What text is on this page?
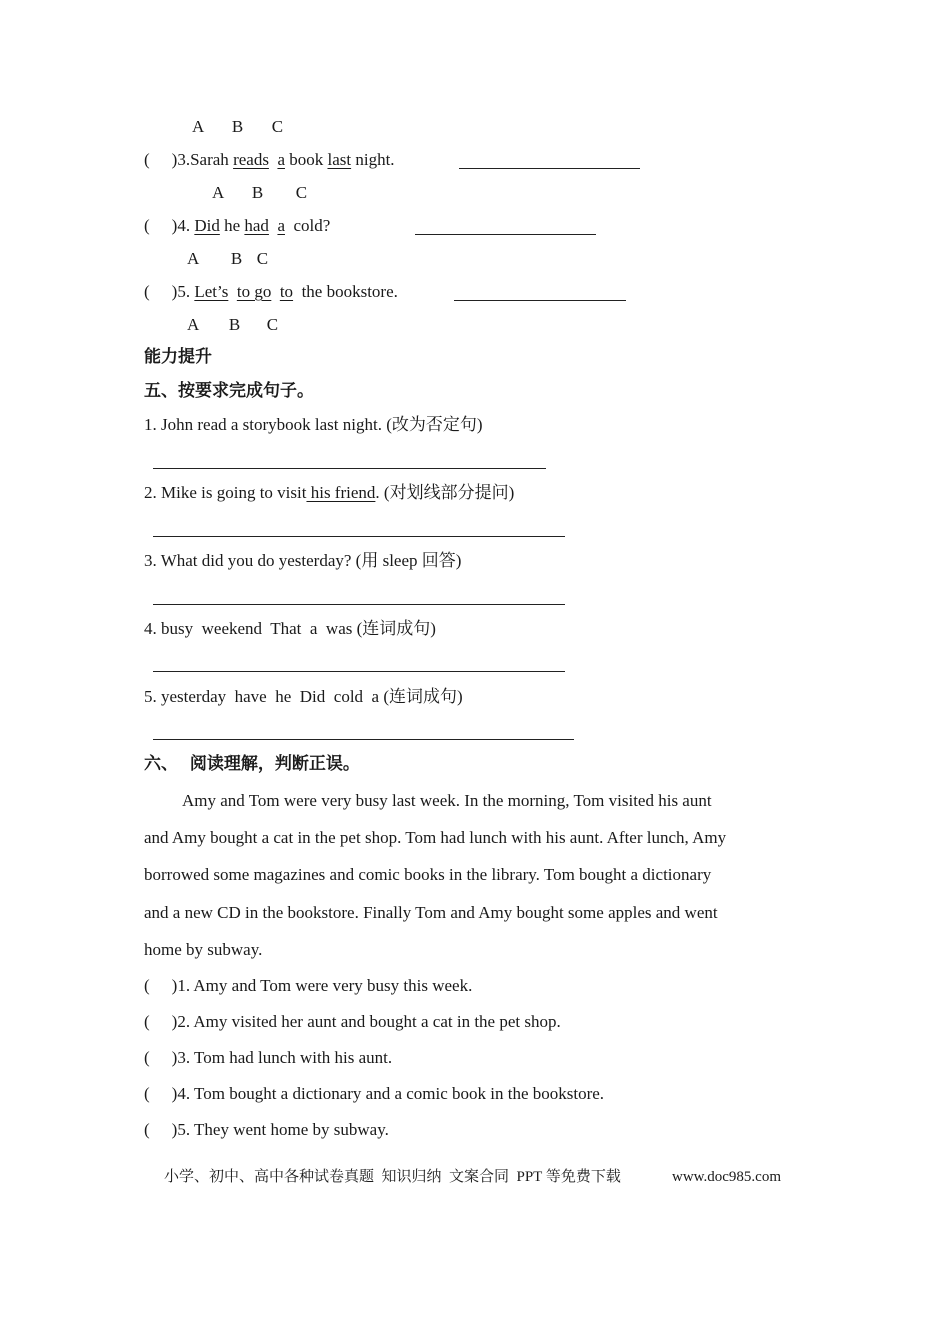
A B C
( )3.Sarah reads a book last night.
A B C
( )4. Did he had a cold?
A B C
( )5. Let’s to go to the bookstore.
A B C
能力提升
五、按要求完成句子。
1. John read a storybook last night. (改为否定句)
2. Mike is going to visit his friend. (对划线部分提问)
3. What did you do yesterday? (用 sleep 回答)
4. busy  weekend  That  a  was (连词成句)
5. yesterday  have  he  Did  cold  a (连词成句)
六、  阅读理解，判断正误。
Amy and Tom were very busy last week. In the morning, Tom visited his aunt
and Amy bought a cat in the pet shop. Tom had lunch with his aunt. After lunch, Amy
borrowed some magazines and comic books in the library. Tom bought a dictionary
and a new CD in the bookstore. Finally Tom and Amy bought some apples and went
home by subway.
( )1. Amy and Tom were very busy this week.
( )2. Amy visited her aunt and bought a cat in the pet shop.
( )3. Tom had lunch with his aunt.
( )4. Tom bought a dictionary and a comic book in the bookstore.
( )5. They went home by subway.
小学、初中、高中各种试卷真题  知识归纳  文案合同  PPT 等免费下载	www.doc985.com
